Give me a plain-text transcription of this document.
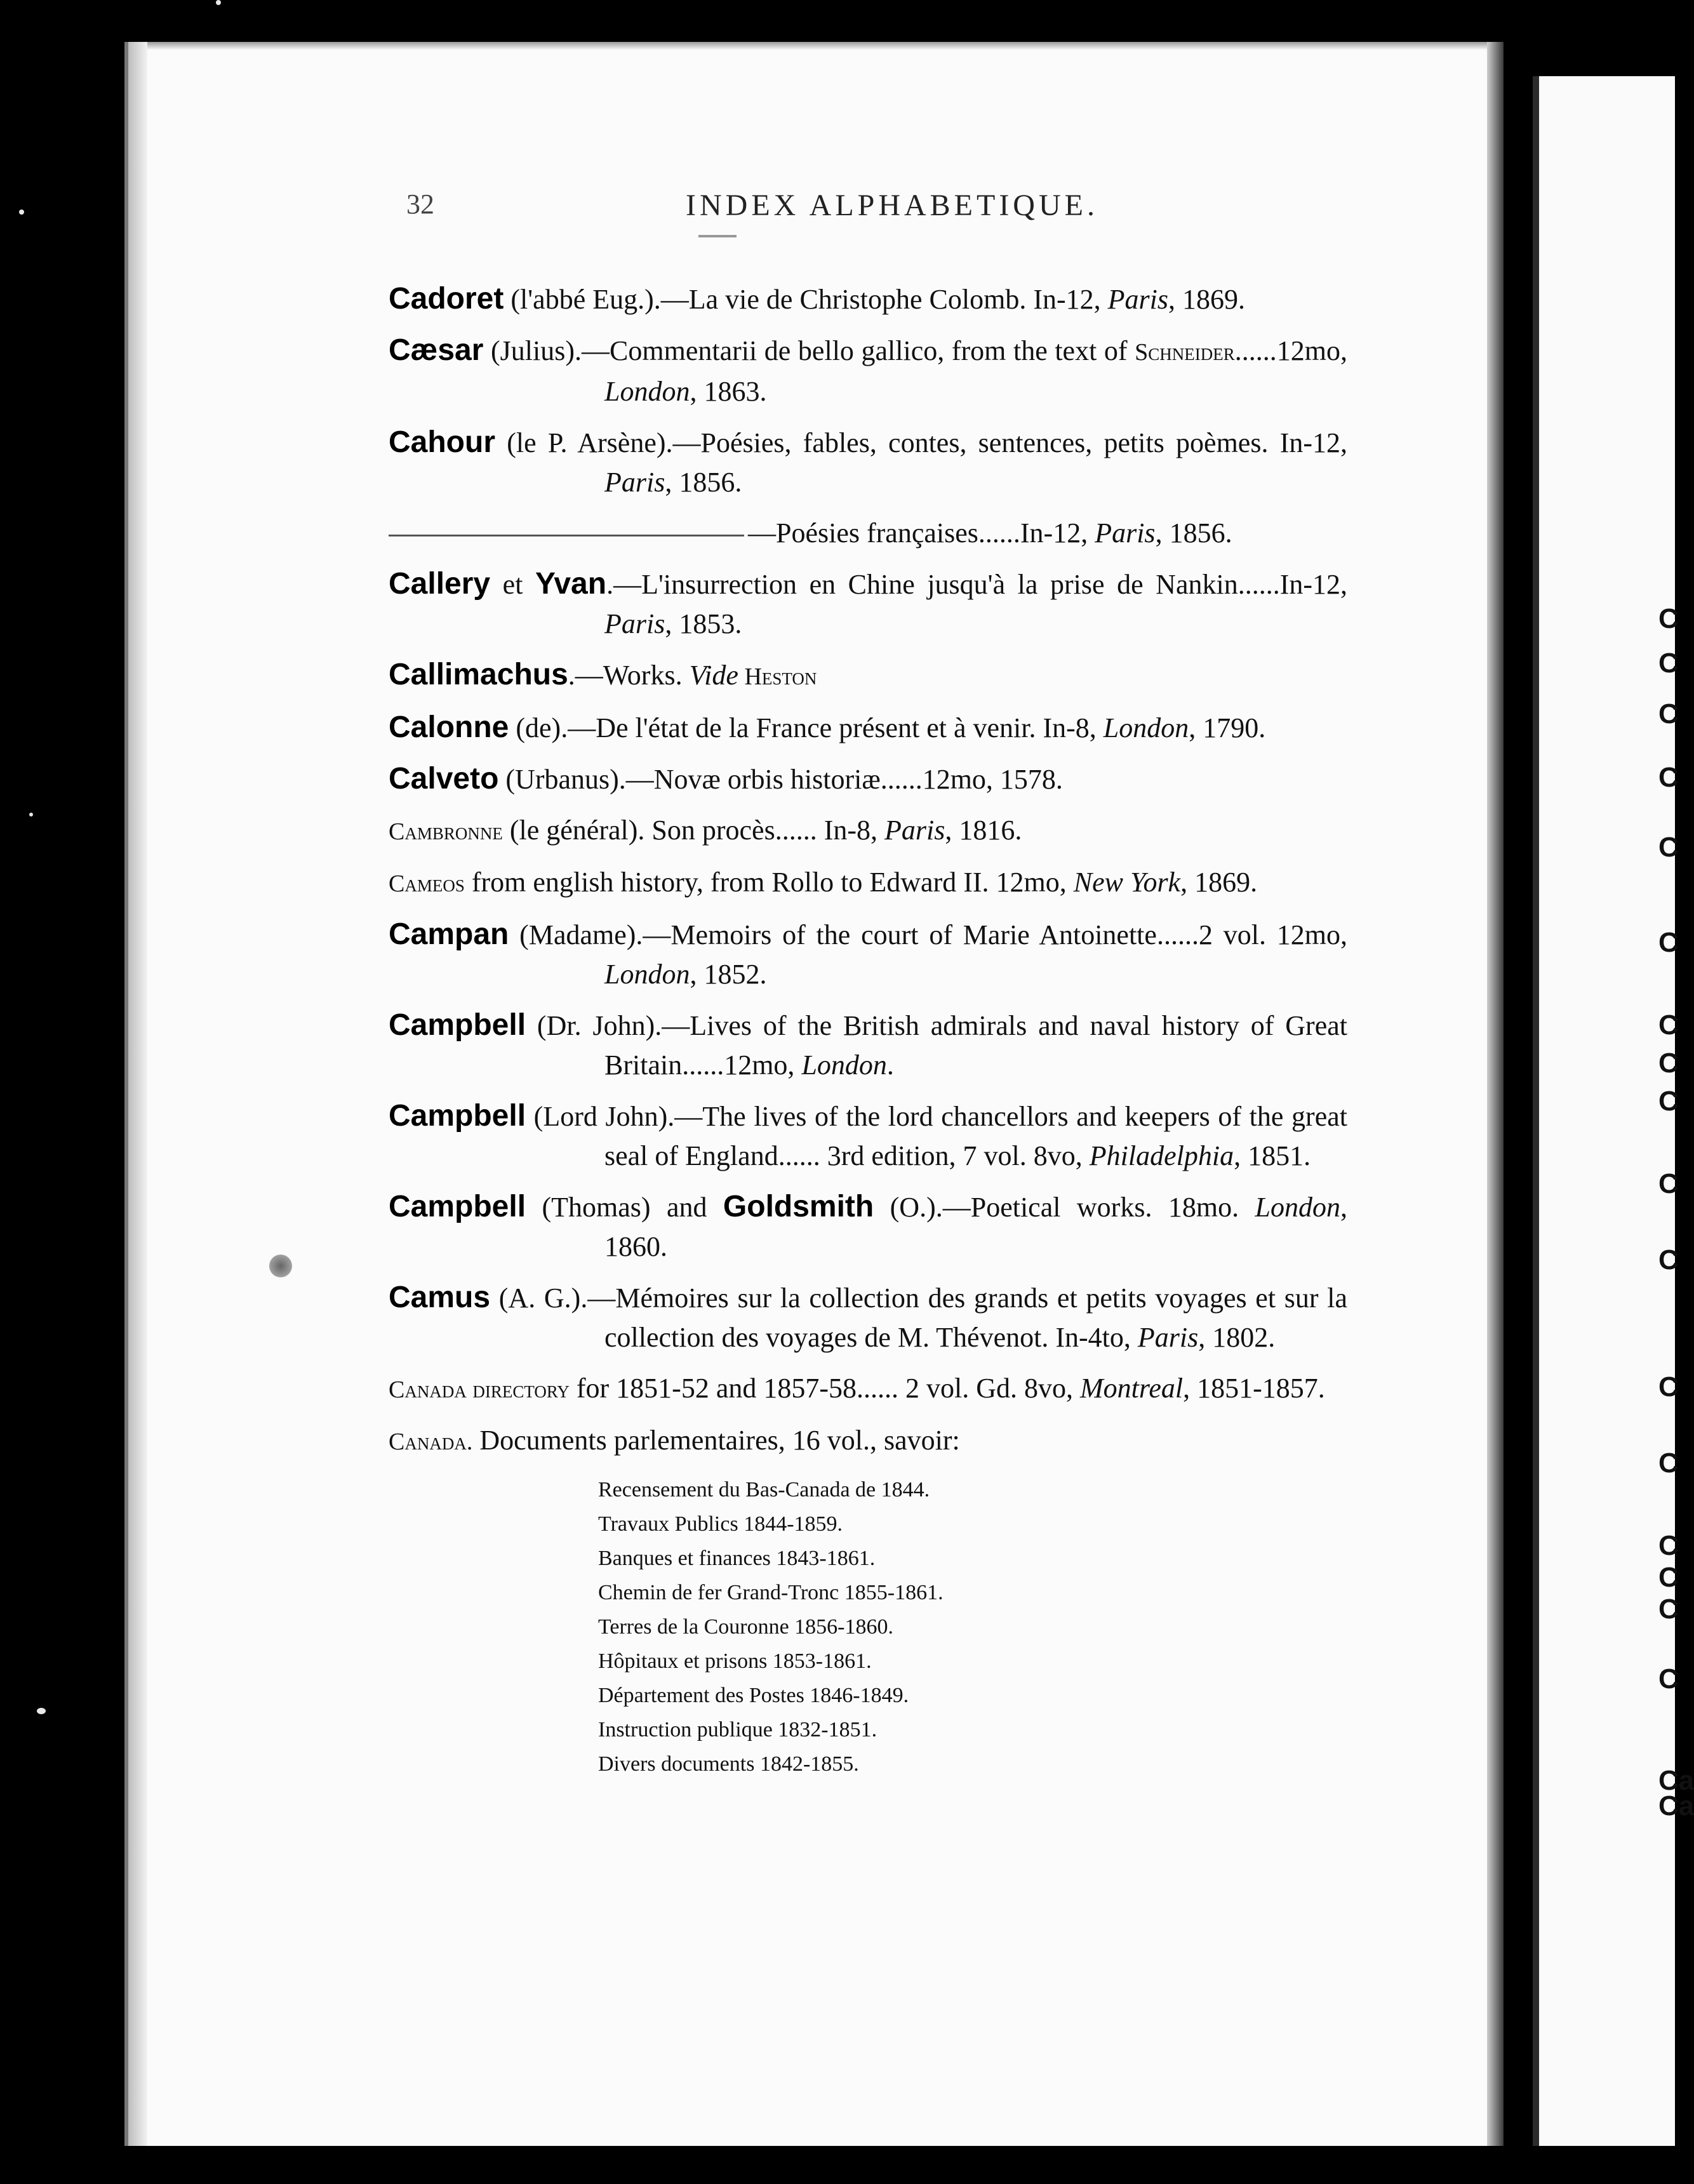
C
C
C
C
C
C
C
C
C
C
C
C
C
C
C
C
C
Ca
Ca
32	INDEX ALPHABETIQUE.
Cadoret (l'abbé Eug.).—La vie de Christophe Colomb. In-12, Paris, 1869.
Cæsar (Julius).—Commentarii de bello gallico, from the text of Schneider......12mo, London, 1863.
Cahour (le P. Arsène).—Poésies, fables, contes, sentences, petits poèmes. In-12, Paris, 1856.
—Poésies françaises......In-12, Paris, 1856.
Callery et Yvan.—L'insurrection en Chine jusqu'à la prise de Nankin......In-12, Paris, 1853.
Callimachus.—Works. Vide Heston
Calonne (de).—De l'état de la France présent et à venir. In-8, London, 1790.
Calveto (Urbanus).—Novæ orbis historiæ......12mo, 1578.
Cambronne (le général). Son procès...... In-8, Paris, 1816.
Cameos from english history, from Rollo to Edward II. 12mo, New York, 1869.
Campan (Madame).—Memoirs of the court of Marie Antoinette......2 vol. 12mo, London, 1852.
Campbell (Dr. John).—Lives of the British admirals and naval history of Great Britain......12mo, London.
Campbell (Lord John).—The lives of the lord chancellors and keepers of the great seal of England...... 3rd edition, 7 vol. 8vo, Philadelphia, 1851.
Campbell (Thomas) and Goldsmith (O.).—Poetical works. 18mo. London, 1860.
Camus (A. G.).—Mémoires sur la collection des grands et petits voyages et sur la collection des voyages de M. Thévenot. In-4to, Paris, 1802.
Canada directory for 1851-52 and 1857-58...... 2 vol. Gd. 8vo, Montreal, 1851-1857.
Canada. Documents parlementaires, 16 vol., savoir:
Recensement du Bas-Canada de 1844.
Travaux Publics 1844-1859.
Banques et finances 1843-1861.
Chemin de fer Grand-Tronc 1855-1861.
Terres de la Couronne 1856-1860.
Hôpitaux et prisons 1853-1861.
Département des Postes 1846-1849.
Instruction publique 1832-1851.
Divers documents 1842-1855.
